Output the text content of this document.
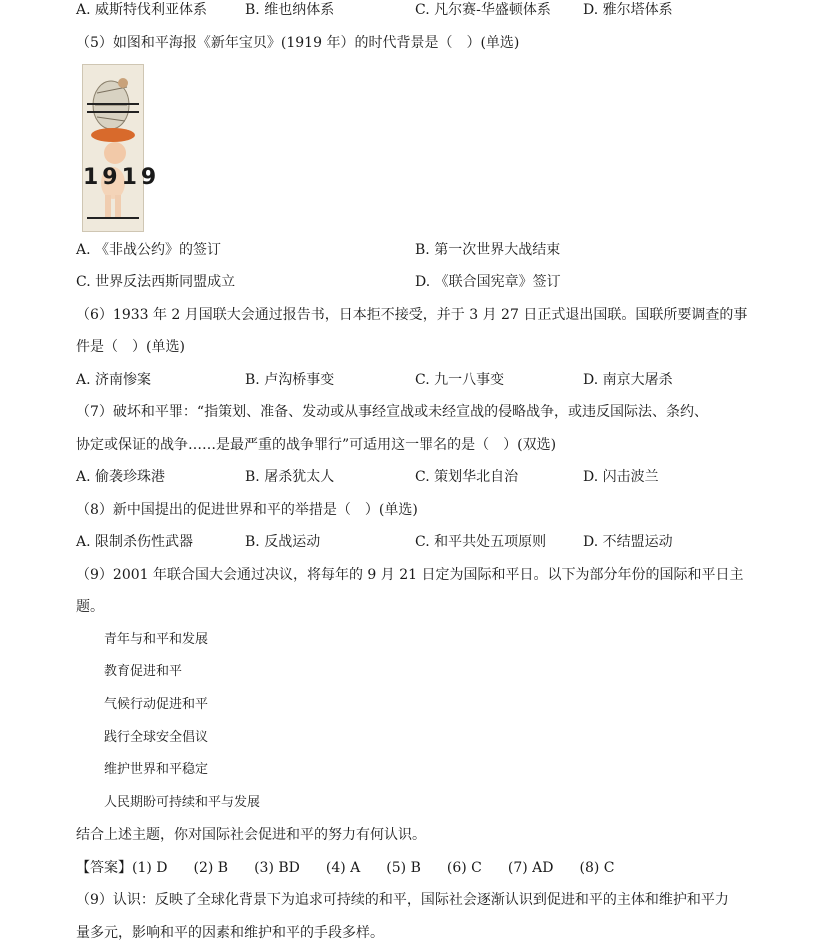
A. 威斯特伐利亚体系	B. 维也纳体系	C. 凡尔赛-华盛顿体系 D. 雅尔塔体系
（5）如图和平海报《新年宝贝》(1919 年）的时代背景是（　）(单选)
1919
A. 《非战公约》的签订	B. 第一次世界大战结束
C. 世界反法西斯同盟成立	D. 《联合国宪章》签订
（6）1933 年 2 月国联大会通过报告书，日本拒不接受，并于 3 月 27 日正式退出国联。国联所要调查的事
件是（　）(单选)
A. 济南惨案	B. 卢沟桥事变	C. 九一八事变	D. 南京大屠杀
（7）破坏和平罪：“指策划、准备、发动或从事经宣战或未经宣战的侵略战争，或违反国际法、条约、
协定或保证的战争……是最严重的战争罪行”可适用这一罪名的是（　）(双选)
A. 偷袭珍珠港	B. 屠杀犹太人	C. 策划华北自治	D. 闪击波兰
（8）新中国提出的促进世界和平的举措是（　）(单选)
A. 限制杀伤性武器	B. 反战运动	C. 和平共处五项原则	D. 不结盟运动
（9）2001 年联合国大会通过决议，将每年的 9 月 21 日定为国际和平日。以下为部分年份的国际和平日主
题。
青年与和平和发展
教育促进和平
气候行动促进和平
践行全球安全倡议
维护世界和平稳定
人民期盼可持续和平与发展
结合上述主题，你对国际社会促进和平的努力有何认识。
【答案】(1) D (2) B (3) BD (4) A (5) B (6) C (7) AD (8) C
（9）认识：反映了全球化背景下为追求可持续的和平，国际社会逐渐认识到促进和平的主体和维护和平力
量多元，影响和平的因素和维护和平的手段多样。
